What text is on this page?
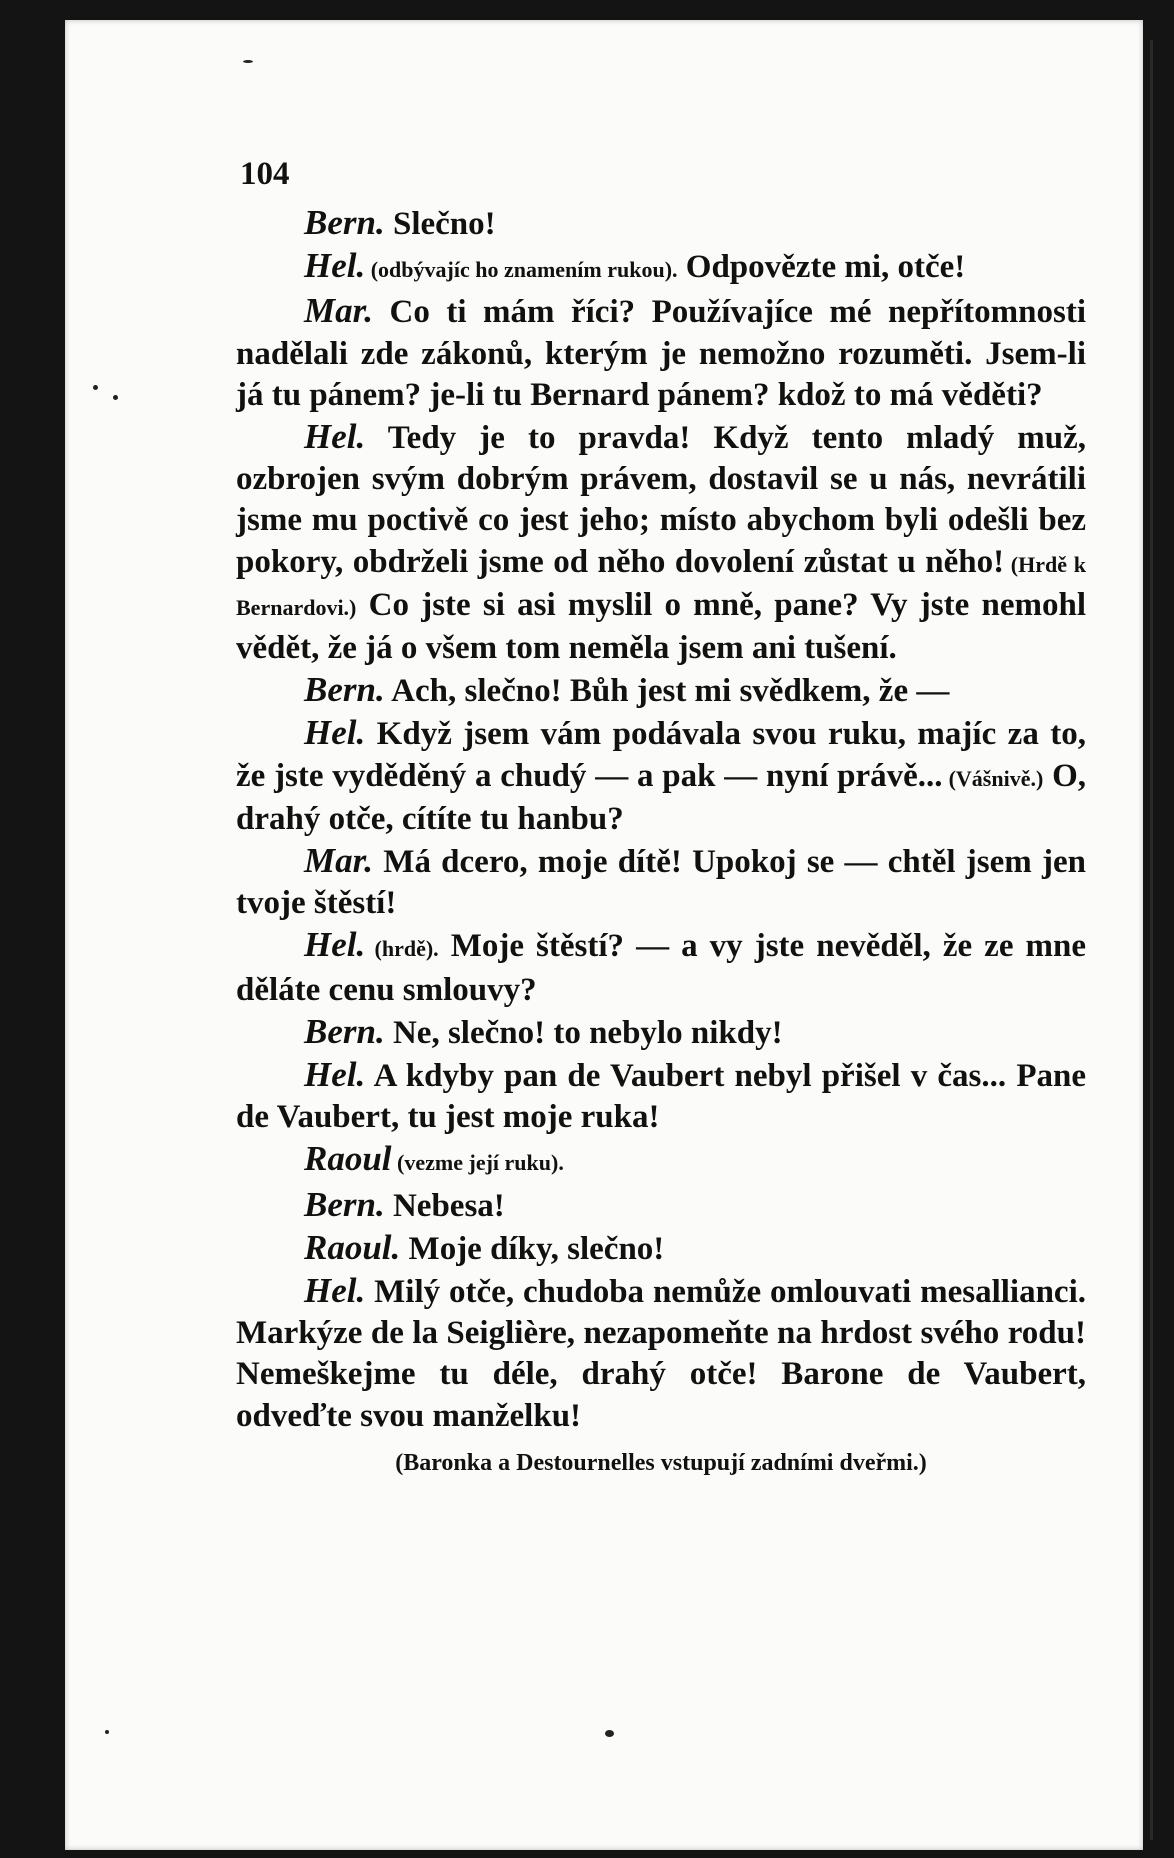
104

Bern. Slečno!

Hel. (odbývajíc ho znamením rukou). Odpovězte mi, otče!

Mar. Co ti mám říci? Používajíce mé nepřítomnosti nadělali zde zákonů, kterým je nemožno rozuměti. Jsem-li já tu pánem? je-li tu Bernard pánem? kdož to má věděti?

Hel. Tedy je to pravda! Když tento mladý muž, ozbrojen svým dobrým právem, dostavil se u nás, nevrátili jsme mu poctivě co jest jeho; místo abychom byli odešli bez pokory, obdrželi jsme od něho dovolení zůstat u něho! (Hrdě k Bernardovi.) Co jste si asi myslil o mně, pane? Vy jste nemohl vědět, že já o všem tom neměla jsem ani tušení.

Bern. Ach, slečno! Bůh jest mi svědkem, že —

Hel. Když jsem vám podávala svou ruku, majíc za to, že jste vyděděný a chudý — a pak — nyní právě... (Vášnivě.) O, drahý otče, cítíte tu hanbu?

Mar. Má dcero, moje dítě! Upokoj se — chtěl jsem jen tvoje štěstí!

Hel. (hrdě). Moje štěstí? — a vy jste nevěděl, že ze mne děláte cenu smlouvy?

Bern. Ne, slečno! to nebylo nikdy!

Hel. A kdyby pan de Vaubert nebyl přišel v čas... Pane de Vaubert, tu jest moje ruka!

Raoul (vezme její ruku).

Bern. Nebesa!

Raoul. Moje díky, slečno!

Hel. Milý otče, chudoba nemůže omlouvati mesallianci. Markýze de la Seiglière, nezapomeňte na hrdost svého rodu! Nemeškejme tu déle, drahý otče! Barone de Vaubert, odveďte svou manželku!

(Baronka a Destournelles vstupují zadními dveřmi.)
